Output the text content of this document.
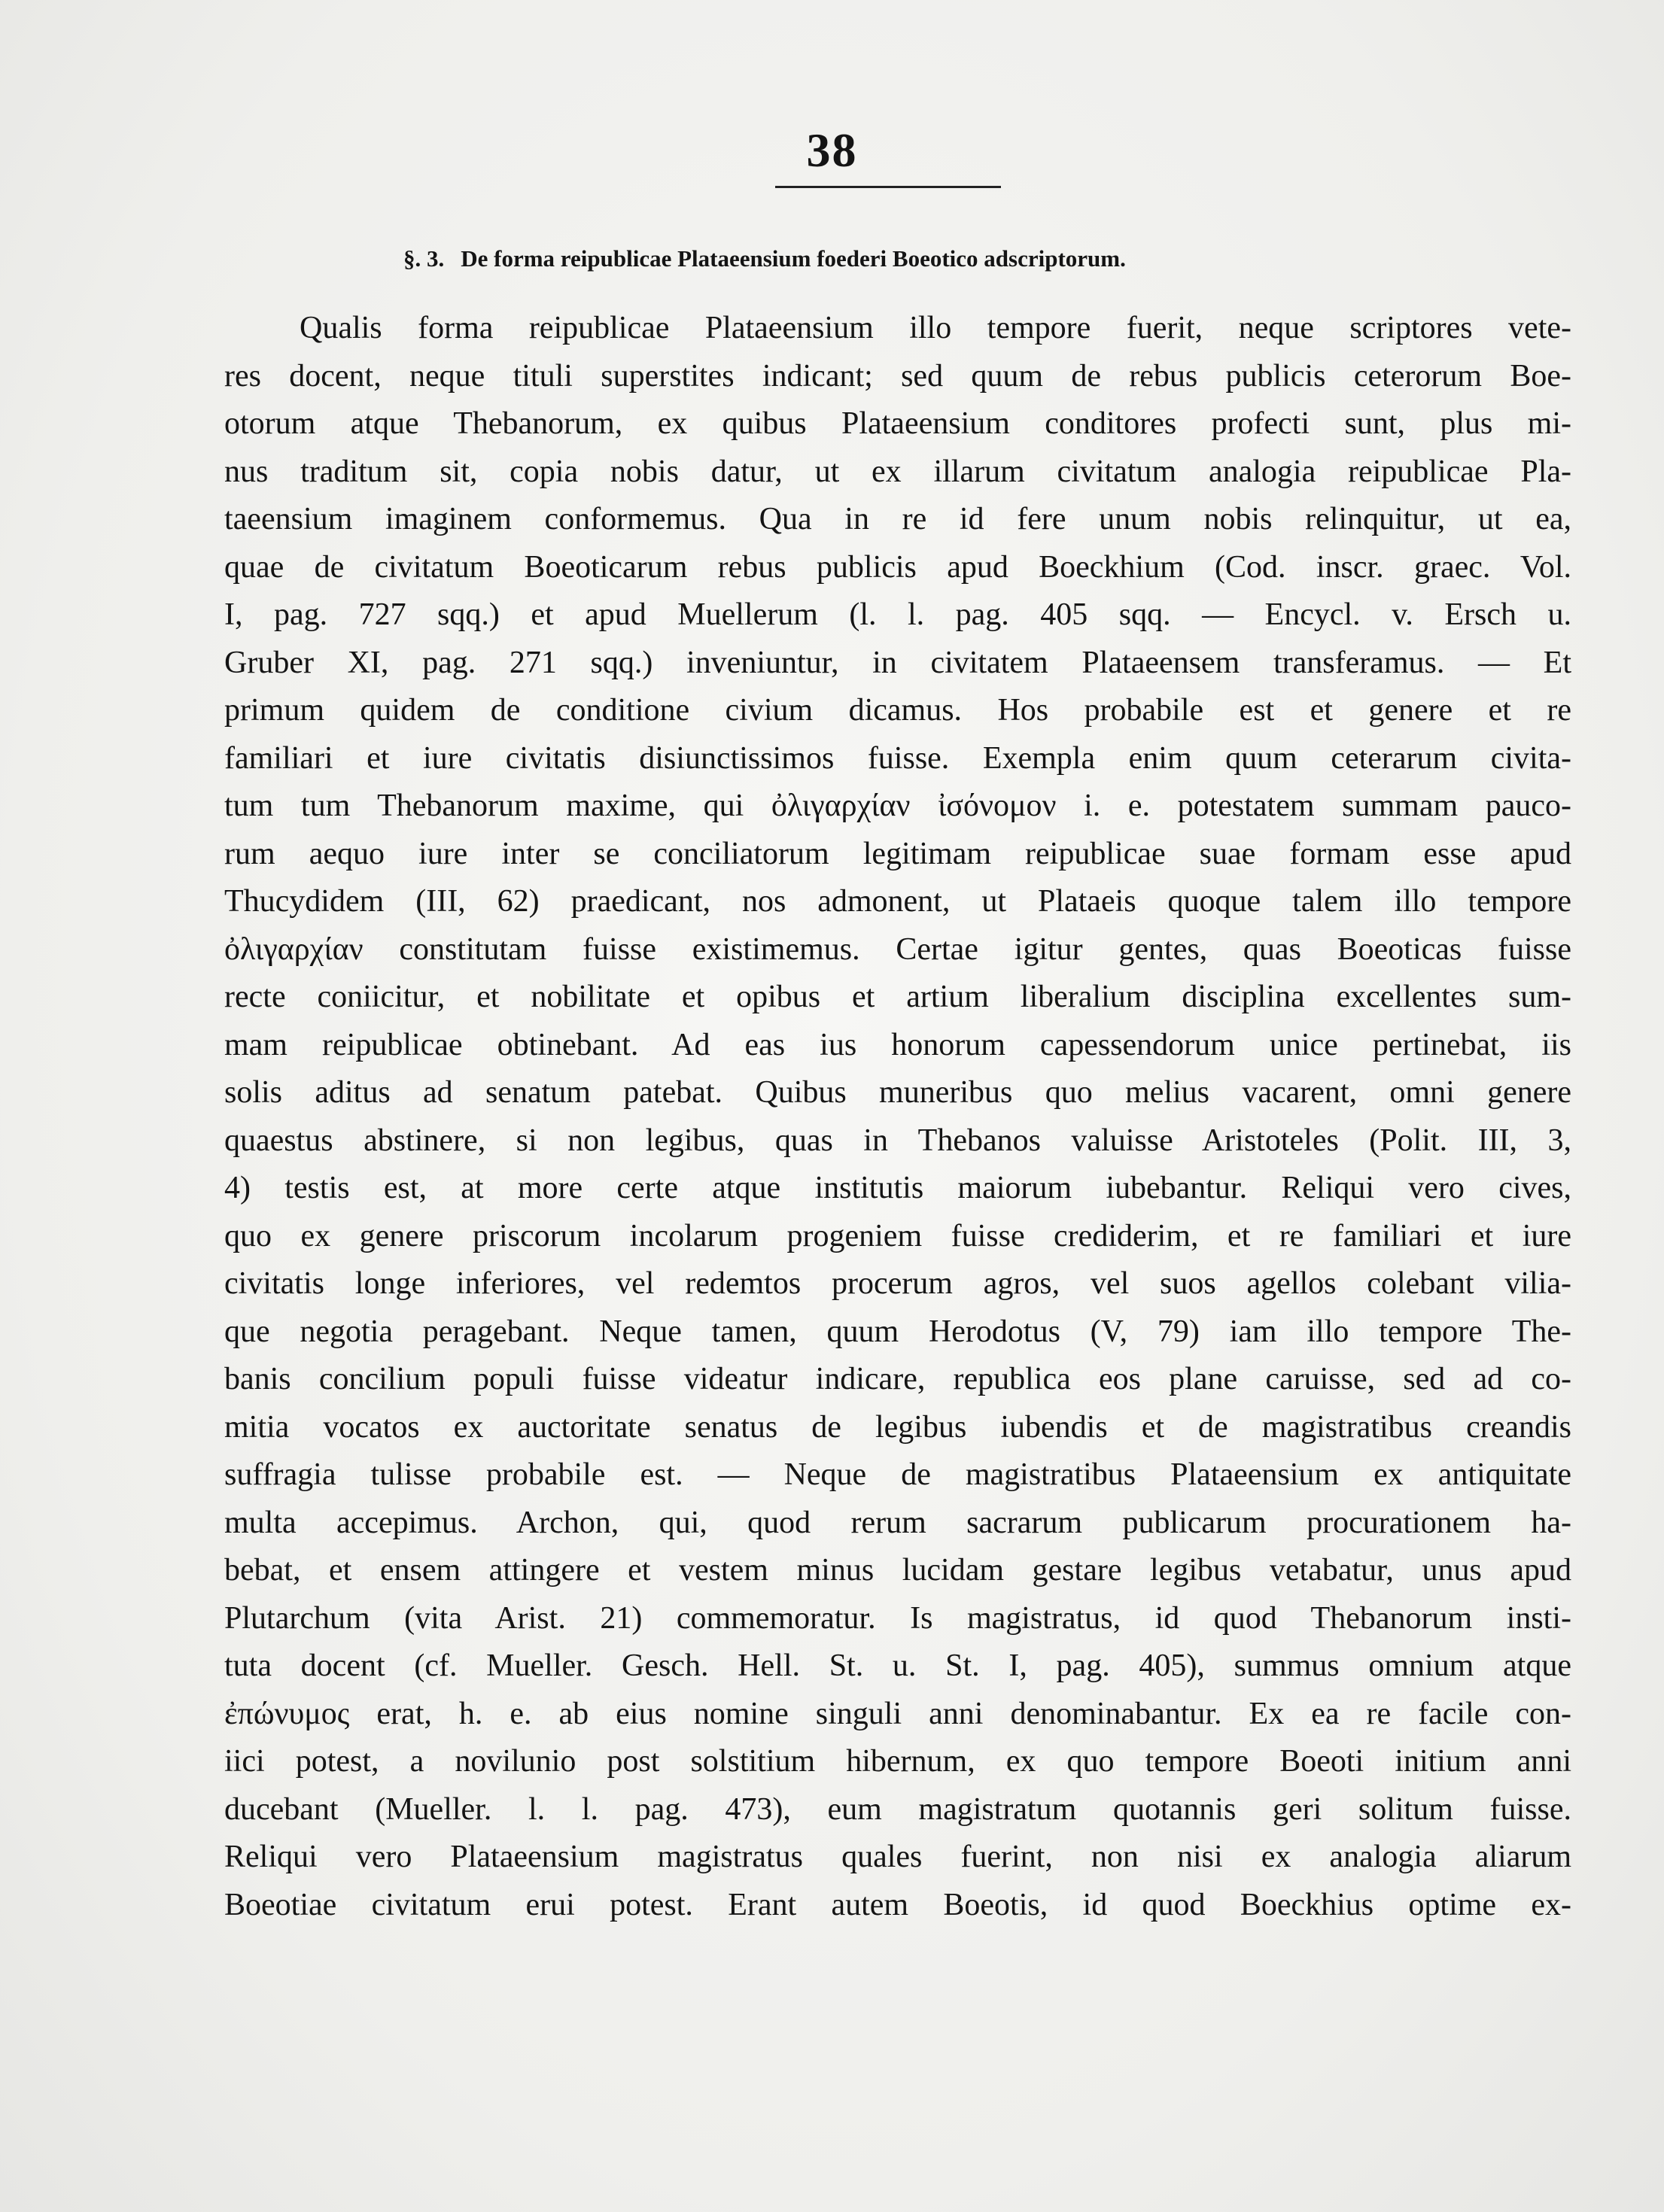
38
§. 3. De forma reipublicae Plataeensium foederi Boeotico adscriptorum.
Qualis forma reipublicae Plataeensium illo tempore fuerit, neque scriptores vete-
res docent, neque tituli superstites indicant; sed quum de rebus publicis ceterorum Boe-
otorum atque Thebanorum, ex quibus Plataeensium conditores profecti sunt, plus mi-
nus traditum sit, copia nobis datur, ut ex illarum civitatum analogia reipublicae Pla-
taeensium imaginem conformemus. Qua in re id fere unum nobis relinquitur, ut ea,
quae de civitatum Boeoticarum rebus publicis apud Boeckhium (Cod. inscr. graec. Vol.
I, pag. 727 sqq.) et apud Muellerum (l. l. pag. 405 sqq. — Encycl. v. Ersch u.
Gruber XI, pag. 271 sqq.) inveniuntur, in civitatem Plataeensem transferamus. — Et
primum quidem de conditione civium dicamus. Hos probabile est et genere et re
familiari et iure civitatis disiunctissimos fuisse. Exempla enim quum ceterarum civita-
tum tum Thebanorum maxime, qui ὀλιγαρχίαν ἰσόνομον i. e. potestatem summam pauco-
rum aequo iure inter se conciliatorum legitimam reipublicae suae formam esse apud
Thucydidem (III, 62) praedicant, nos admonent, ut Plataeis quoque talem illo tempore
ὀλιγαρχίαν constitutam fuisse existimemus. Certae igitur gentes, quas Boeoticas fuisse
recte coniicitur, et nobilitate et opibus et artium liberalium disciplina excellentes sum-
mam reipublicae obtinebant. Ad eas ius honorum capessendorum unice pertinebat, iis
solis aditus ad senatum patebat. Quibus muneribus quo melius vacarent, omni genere
quaestus abstinere, si non legibus, quas in Thebanos valuisse Aristoteles (Polit. III, 3,
4) testis est, at more certe atque institutis maiorum iubebantur. Reliqui vero cives,
quo ex genere priscorum incolarum progeniem fuisse crediderim, et re familiari et iure
civitatis longe inferiores, vel redemtos procerum agros, vel suos agellos colebant vilia-
que negotia peragebant. Neque tamen, quum Herodotus (V, 79) iam illo tempore The-
banis concilium populi fuisse videatur indicare, republica eos plane caruisse, sed ad co-
mitia vocatos ex auctoritate senatus de legibus iubendis et de magistratibus creandis
suffragia tulisse probabile est. — Neque de magistratibus Plataeensium ex antiquitate
multa accepimus. Archon, qui, quod rerum sacrarum publicarum procurationem ha-
bebat, et ensem attingere et vestem minus lucidam gestare legibus vetabatur, unus apud
Plutarchum (vita Arist. 21) commemoratur. Is magistratus, id quod Thebanorum insti-
tuta docent (cf. Mueller. Gesch. Hell. St. u. St. I, pag. 405), summus omnium atque
ἐπώνυμος erat, h. e. ab eius nomine singuli anni denominabantur. Ex ea re facile con-
iici potest, a novilunio post solstitium hibernum, ex quo tempore Boeoti initium anni
ducebant (Mueller. l. l. pag. 473), eum magistratum quotannis geri solitum fuisse.
Reliqui vero Plataeensium magistratus quales fuerint, non nisi ex analogia aliarum
Boeotiae civitatum erui potest. Erant autem Boeotis, id quod Boeckhius optime ex-
